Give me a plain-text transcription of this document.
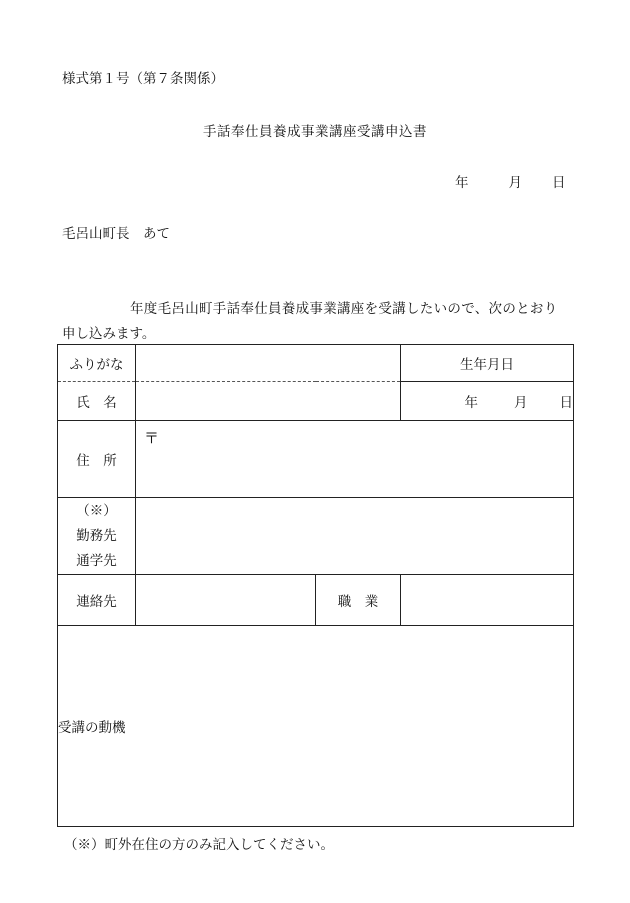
様式第１号（第７条関係）
手話奉仕員養成事業講座受講申込書
年	月 日
毛呂山町長　あて
年度毛呂山町手話奉仕員養成事業講座を受講したいので、次のとおり
申し込みます。
ふりがな			生年月日
氏　名			年 月 日
住　所	〒		

（※）
勤務先
通学先			

連絡先		職　業	

受講の動機			
（※）町外在住の方のみ記入してください。
